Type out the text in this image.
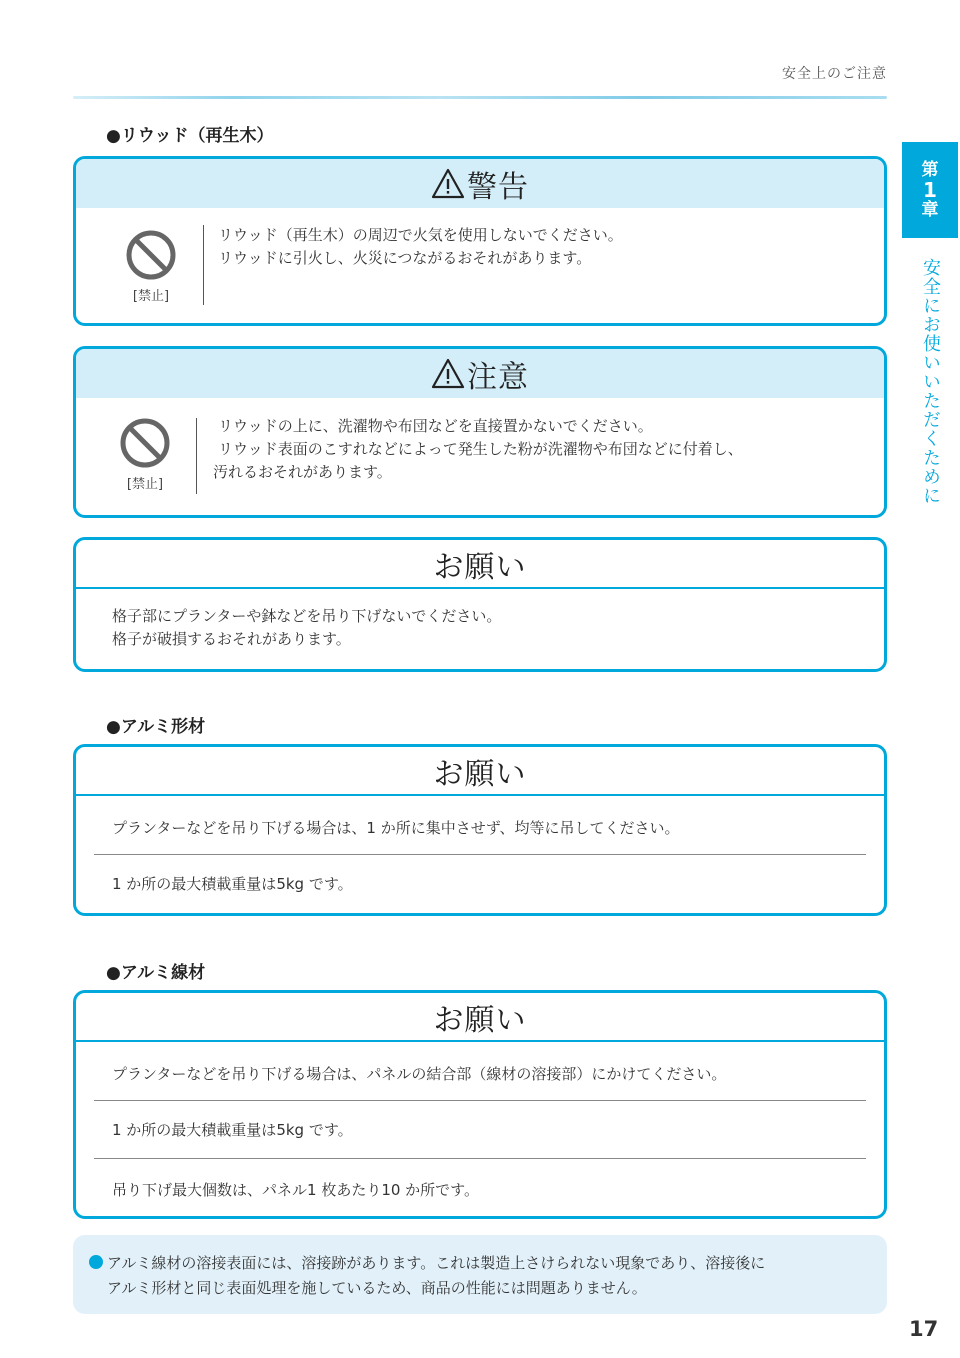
安全上のご注意
第
1
章
安全にお使いいただくために
●リウッド（再生木）
警告
[禁止]
リウッド（再生木）の周辺で火気を使用しないでください。
リウッドに引火し、火災につながるおそれがあります。
注意
[禁止]
リウッドの上に、洗濯物や布団などを直接置かないでください。
リウッド表面のこすれなどによって発生した粉が洗濯物や布団などに付着し、
汚れるおそれがあります。
お願い
格子部にプランターや鉢などを吊り下げないでください。
格子が破損するおそれがあります。
●アルミ形材
お願い
プランターなどを吊り下げる場合は、1 か所に集中させず、均等に吊してください。
1 か所の最大積載重量は5kg です。
●アルミ線材
お願い
プランターなどを吊り下げる場合は、パネルの結合部（線材の溶接部）にかけてください。
1 か所の最大積載重量は5kg です。
吊り下げ最大個数は、パネル1 枚あたり10 か所です。
アルミ線材の溶接表面には、溶接跡があります。これは製造上さけられない現象であり、溶接後に
アルミ形材と同じ表面処理を施しているため、商品の性能には問題ありません。
17
